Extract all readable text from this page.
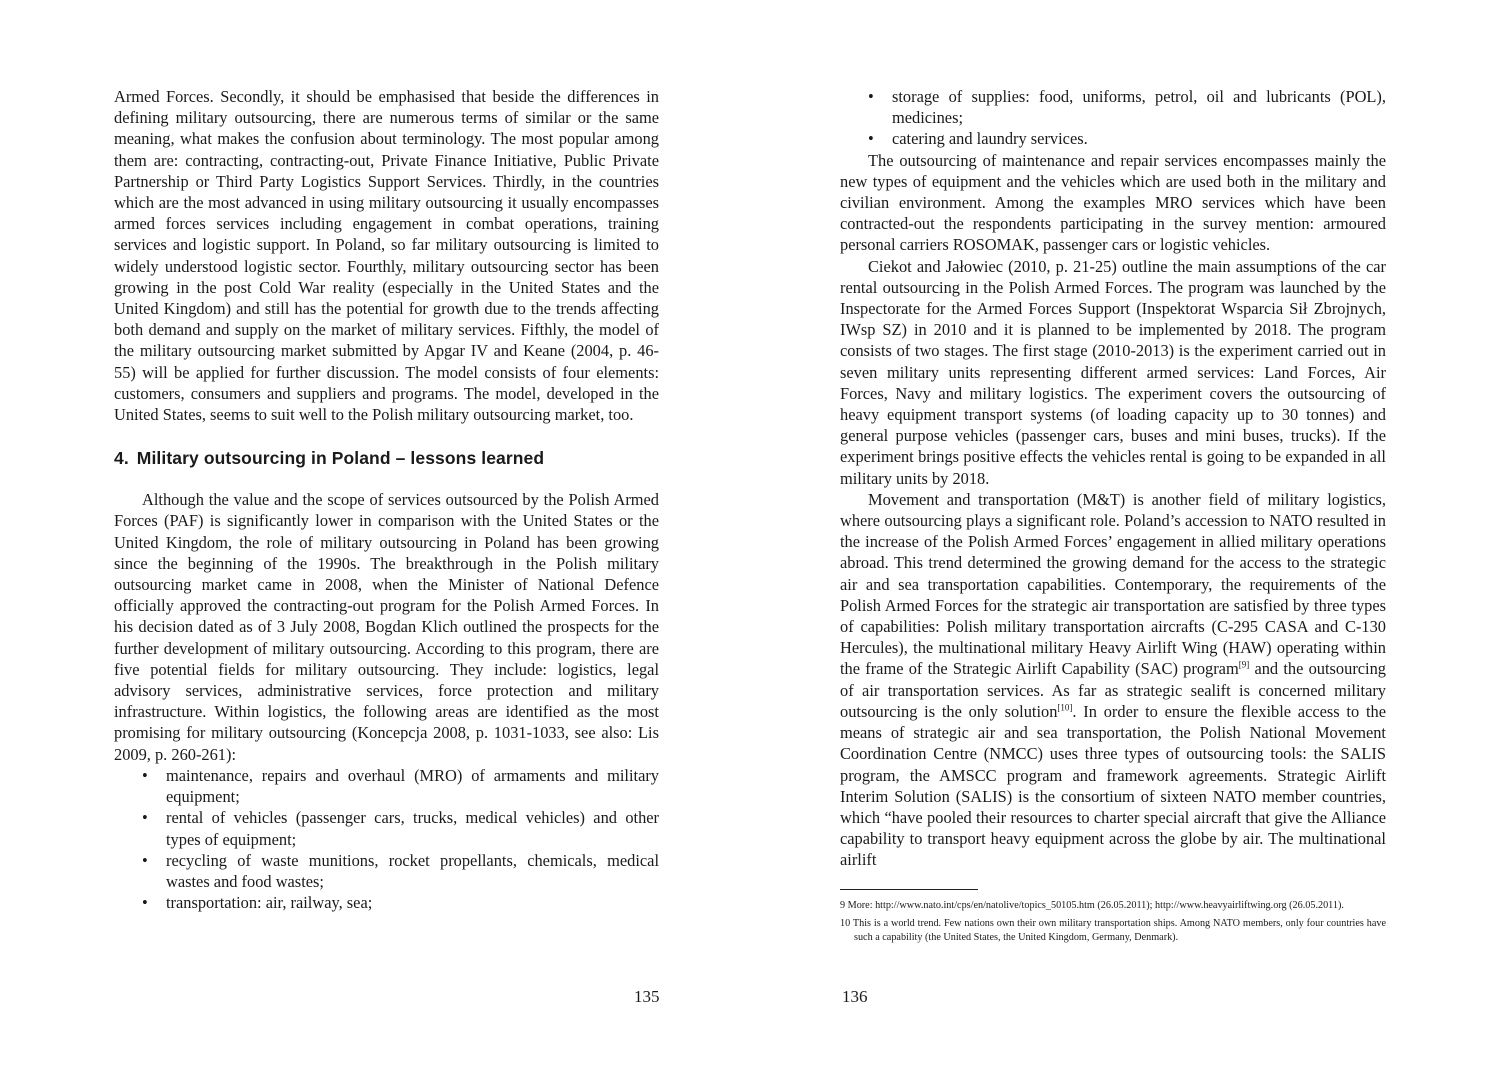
Armed Forces. Secondly, it should be emphasised that beside the differences in defining military outsourcing, there are numerous terms of similar or the same meaning, what makes the confusion about terminology. The most popular among them are: contracting, contracting-out, Private Finance Initiative, Public Private Partnership or Third Party Logistics Support Services. Thirdly, in the countries which are the most advanced in using military outsourcing it usually encompasses armed forces services including engagement in combat operations, training services and logistic support. In Poland, so far military outsourcing is limited to widely understood logistic sector. Fourthly, military outsourcing sector has been growing in the post Cold War reality (especially in the United States and the United Kingdom) and still has the potential for growth due to the trends affecting both demand and supply on the market of military services. Fifthly, the model of the military outsourcing market submitted by Apgar IV and Keane (2004, p. 46-55) will be applied for further discussion. The model consists of four elements: customers, consumers and suppliers and programs. The model, developed in the United States, seems to suit well to the Polish military outsourcing market, too.

4. Military outsourcing in Poland – lessons learned

Although the value and the scope of services outsourced by the Polish Armed Forces (PAF) is significantly lower in comparison with the United States or the United Kingdom, the role of military outsourcing in Poland has been growing since the beginning of the 1990s. The breakthrough in the Polish military outsourcing market came in 2008, when the Minister of National Defence officially approved the contracting-out program for the Polish Armed Forces. In his decision dated as of 3 July 2008, Bogdan Klich outlined the prospects for the further development of military outsourcing. According to this program, there are five potential fields for military outsourcing. They include: logistics, legal advisory services, administrative services, force protection and military infrastructure. Within logistics, the following areas are identified as the most promising for military outsourcing (Koncepcja 2008, p. 1031-1033, see also: Lis 2009, p. 260-261):

• maintenance, repairs and overhaul (MRO) of armaments and military equipment;
• rental of vehicles (passenger cars, trucks, medical vehicles) and other types of equipment;
• recycling of waste munitions, rocket propellants, chemicals, medical wastes and food wastes;
• transportation: air, railway, sea;
135
• storage of supplies: food, uniforms, petrol, oil and lubricants (POL), medicines;
• catering and laundry services.

The outsourcing of maintenance and repair services encompasses mainly the new types of equipment and the vehicles which are used both in the military and civilian environment. Among the examples MRO services which have been contracted-out the respondents participating in the survey mention: armoured personal carriers ROSOMAK, passenger cars or logistic vehicles.

Ciekot and Jałowiec (2010, p. 21-25) outline the main assumptions of the car rental outsourcing in the Polish Armed Forces. The program was launched by the Inspectorate for the Armed Forces Support (Inspektorat Wsparcia Sił Zbrojnych, IWsp SZ) in 2010 and it is planned to be implemented by 2018. The program consists of two stages. The first stage (2010-2013) is the experiment carried out in seven military units representing different armed services: Land Forces, Air Forces, Navy and military logistics. The experiment covers the outsourcing of heavy equipment transport systems (of loading capacity up to 30 tonnes) and general purpose vehicles (passenger cars, buses and mini buses, trucks). If the experiment brings positive effects the vehicles rental is going to be expanded in all military units by 2018.

Movement and transportation (M&T) is another field of military logistics, where outsourcing plays a significant role. Poland’s accession to NATO resulted in the increase of the Polish Armed Forces’ engagement in allied military operations abroad. This trend determined the growing demand for the access to the strategic air and sea transportation capabilities. Contemporary, the requirements of the Polish Armed Forces for the strategic air transportation are satisfied by three types of capabilities: Polish military transportation aircrafts (C-295 CASA and C-130 Hercules), the multinational military Heavy Airlift Wing (HAW) operating within the frame of the Strategic Airlift Capability (SAC) program[9] and the outsourcing of air transportation services. As far as strategic sealift is concerned military outsourcing is the only solution[10]. In order to ensure the flexible access to the means of strategic air and sea transportation, the Polish National Movement Coordination Centre (NMCC) uses three types of outsourcing tools: the SALIS program, the AMSCC program and framework agreements. Strategic Airlift Interim Solution (SALIS) is the consortium of sixteen NATO member countries, which “have pooled their resources to charter special aircraft that give the Alliance capability to transport heavy equipment across the globe by air. The multinational airlift

9 More: http://www.nato.int/cps/en/natolive/topics_50105.htm (26.05.2011); http://www.heavyairliftwing.org (26.05.2011).

10 This is a world trend. Few nations own their own military transportation ships. Among NATO members, only four countries have such a capability (the United States, the United Kingdom, Germany, Denmark).

136
